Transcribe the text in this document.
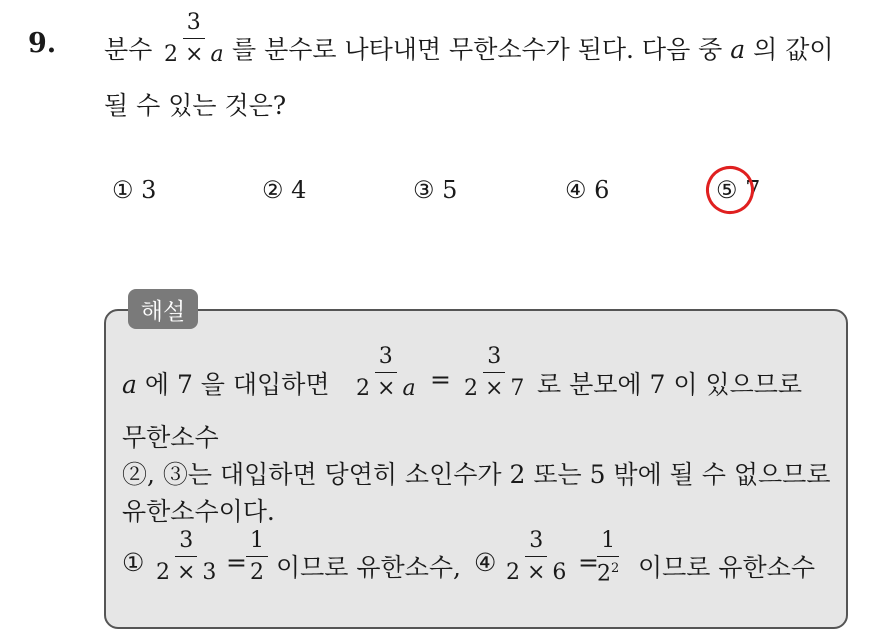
9. 분수 $\frac{3}{2 \times a}$ 를 분수로 나타내면 무한소수가 된다. 다음 중 a 의 값이
될 수 있는 것은?
① 3	② 4	③ 5	④ 6	⑤ 7
해설
a 에 7 을 대입하면 $\frac{3}{2 \times a} = \frac{3}{2 \times 7}$ 로 분모에 7 이 있으므로
무한소수
②, ③는 대입하면 당연히 소인수가 2 또는 5 밖에 될 수 없으므로
유한소수이다.
① $\frac{3}{2 \times 3} = \frac{1}{2}$ 이므로 유한소수, ④ $\frac{3}{2 \times 6}$ =
$\frac{1}{2^2}$ 이므로 유한소수
